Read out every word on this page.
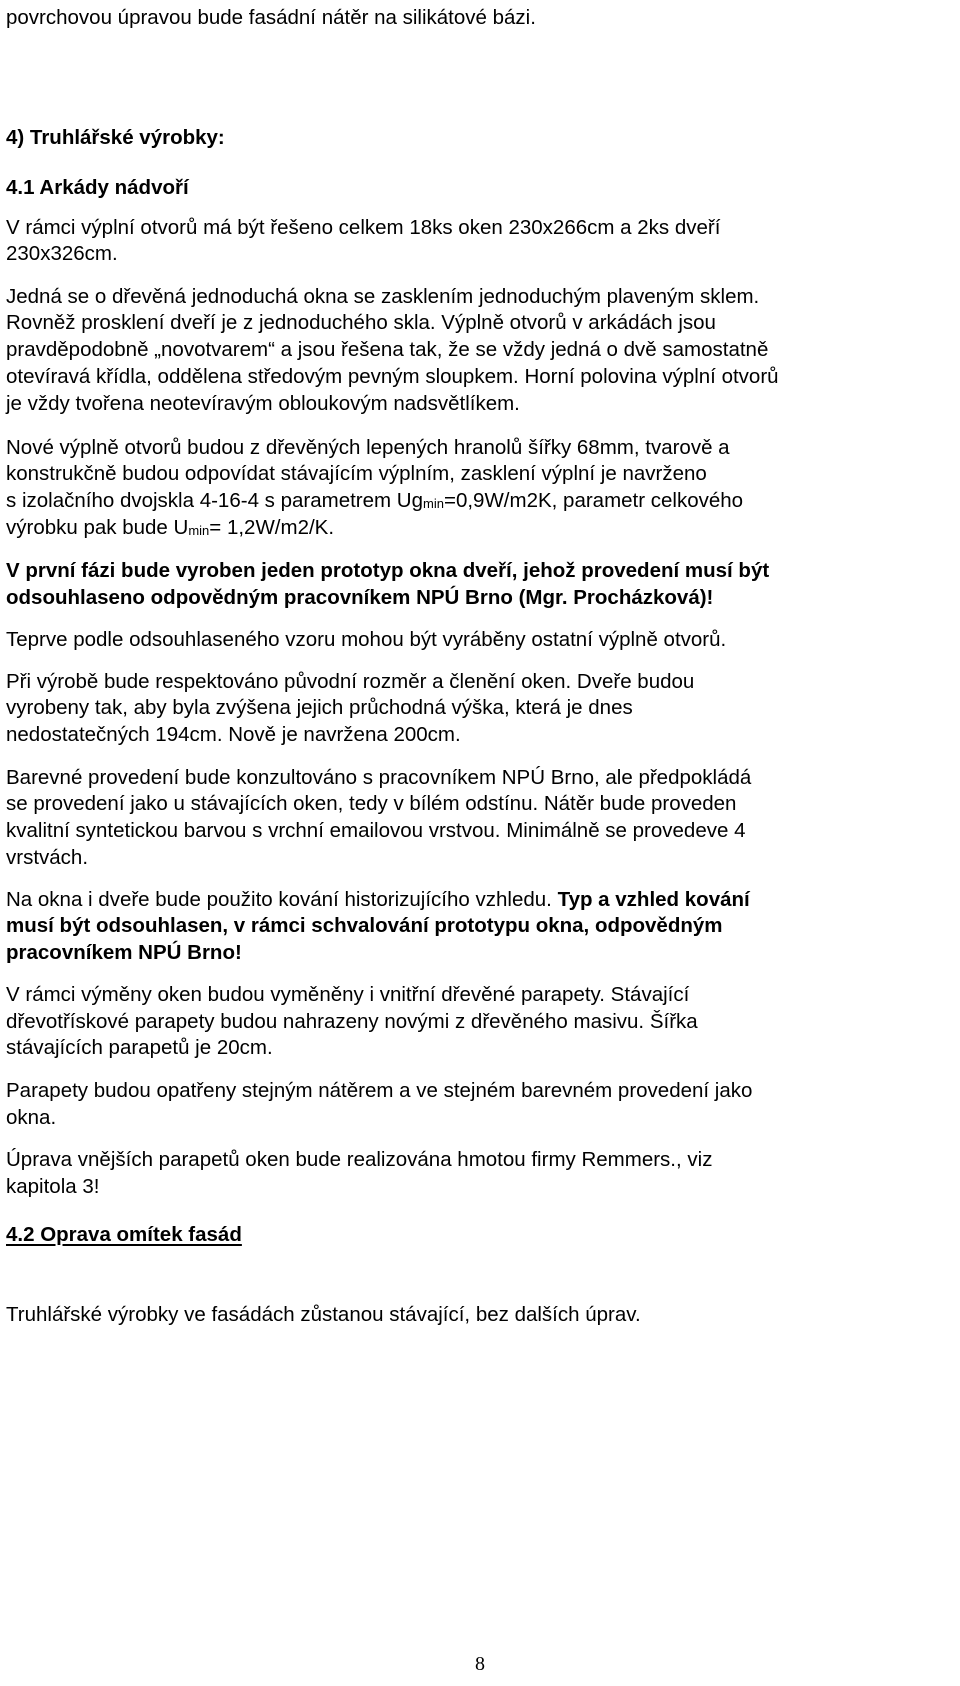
povrchovou úpravou bude fasádní nátěr na silikátové bázi.
4) Truhlářské výrobky:
4.1 Arkády nádvoří
V rámci výplní otvorů má být řešeno celkem 18ks oken 230x266cm a 2ks dveří
230x326cm.
Jedná se o dřevěná jednoduchá okna se zasklením jednoduchým plaveným sklem.
Rovněž prosklení dveří je z jednoduchého skla. Výplně otvorů v arkádách jsou
pravděpodobně „novotvarem“ a jsou řešena tak, že se vždy jedná o dvě samostatně
otevíravá křídla, oddělena středovým pevným sloupkem. Horní polovina výplní otvorů
je vždy tvořena neotevíravým obloukovým nadsvětlíkem.
Nové výplně otvorů budou z dřevěných lepených hranolů šířky 68mm, tvarově a
konstrukčně budou odpovídat stávajícím výplním, zasklení výplní je navrženo
s izolačního dvojskla 4-16-4 s parametrem $Ug_{min}=0,9W/m2K$, parametr celkového
výrobku pak bude $U_{min}= 1,2W/m2/K$.
V první fázi bude vyroben jeden prototyp okna dveří, jehož provedení musí být
odsouhlaseno odpovědným pracovníkem NPÚ Brno (Mgr. Procházková)!
Teprve podle odsouhlaseného vzoru mohou být vyráběny ostatní výplně otvorů.
Při výrobě bude respektováno původní rozměr a členění oken. Dveře budou
vyrobeny tak, aby byla zvýšena jejich průchodná výška, která je dnes
nedostatečných 194cm. Nově je navržena 200cm.
Barevné provedení bude konzultováno s pracovníkem NPÚ Brno, ale předpokládá
se provedení jako u stávajících oken, tedy v bílém odstínu. Nátěr bude proveden
kvalitní syntetickou barvou s vrchní emailovou vrstvou. Minimálně se provedeve 4
vrstvách.
Na okna i dveře bude použito kování historizujícího vzhledu. Typ a vzhled kování
musí být odsouhlasen, v rámci schvalování prototypu okna, odpovědným
pracovníkem NPÚ Brno!
V rámci výměny oken budou vyměněny i vnitřní dřevěné parapety. Stávající
dřevotřískové parapety budou nahrazeny novými z dřevěného masivu. Šířka
stávajících parapetů je 20cm.
Parapety budou opatřeny stejným nátěrem a ve stejném barevném provedení jako
okna.
Úprava vnějších parapetů oken bude realizována hmotou firmy Remmers., viz
kapitola 3!
4.2 Oprava omítek fasád
Truhlářské výrobky ve fasádách zůstanou stávající, bez dalších úprav.
8
